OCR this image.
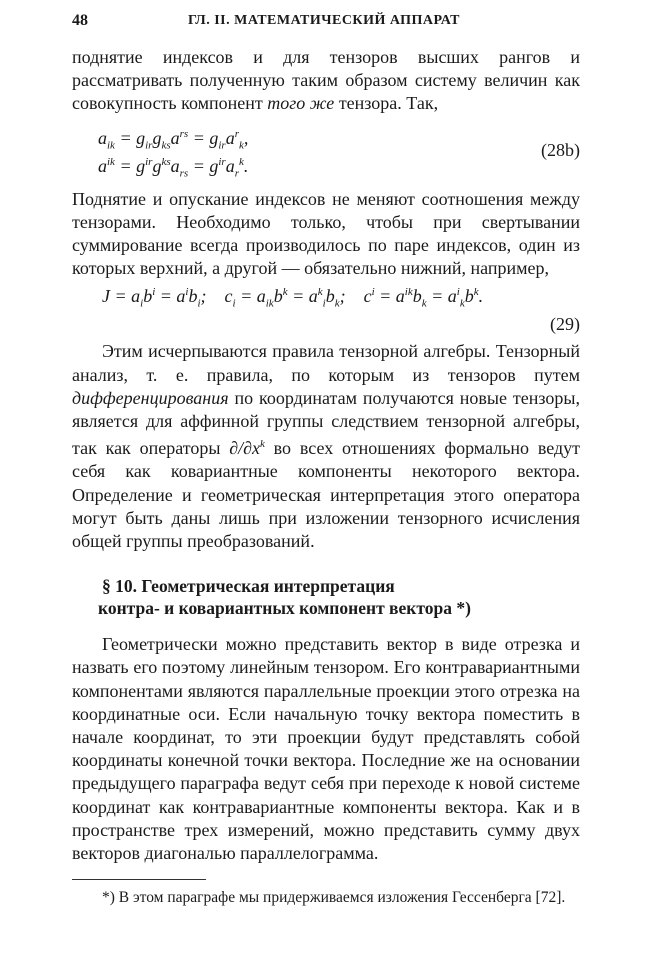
48	ГЛ. II. МАТЕМАТИЧЕСКИЙ АППАРАТ

поднятие индексов и для тензоров высших рангов и рассматривать полученную таким образом систему величин как совокупность компонент того же тензора. Так,

$a_{ik} = g_{ir}g_{ks}a^{rs} = g_{ir}a^r_k$,
$a^{ik} = g^{ir}g^{ks}a_{rs} = g^{ir}a_r^k$.
(28b)

Поднятие и опускание индексов не меняют соотношения между тензорами. Необходимо только, чтобы при свертывании суммирование всегда производилось по паре индексов, один из которых верхний, а другой — обязательно нижний, например,

$J = a_ib^i = a^ib_i$;    $c_i = a_{ik}b^k = a^k_ib_k$;    $c^i = a^{ik}b_k = a^i_kb^k$.
(29)

Этим исчерпываются правила тензорной алгебры. Тензорный анализ, т. е. правила, по которым из тензоров путем дифференцирования по координатам получаются новые тензоры, является для аффинной группы следствием тензорной алгебры, так как операторы $\partial/\partial x^k$ во всех отношениях формально ведут себя как ковариантные компоненты некоторого вектора. Определение и геометрическая интерпретация этого оператора могут быть даны лишь при изложении тензорного исчисления общей группы преобразований.

§ 10. Геометрическая интерпретация
контра- и ковариантных компонент вектора *)

Геометрически можно представить вектор в виде отрезка и назвать его поэтому линейным тензором. Его контравариантными компонентами являются параллельные проекции этого отрезка на координатные оси. Если начальную точку вектора поместить в начале координат, то эти проекции будут представлять собой координаты конечной точки вектора. Последние же на основании предыдущего параграфа ведут себя при переходе к новой системе координат как контравариантные компоненты вектора. Как и в пространстве трех измерений, можно представить сумму двух векторов диагональю параллелограмма.

*) В этом параграфе мы придерживаемся изложения Гессенберга [72].
